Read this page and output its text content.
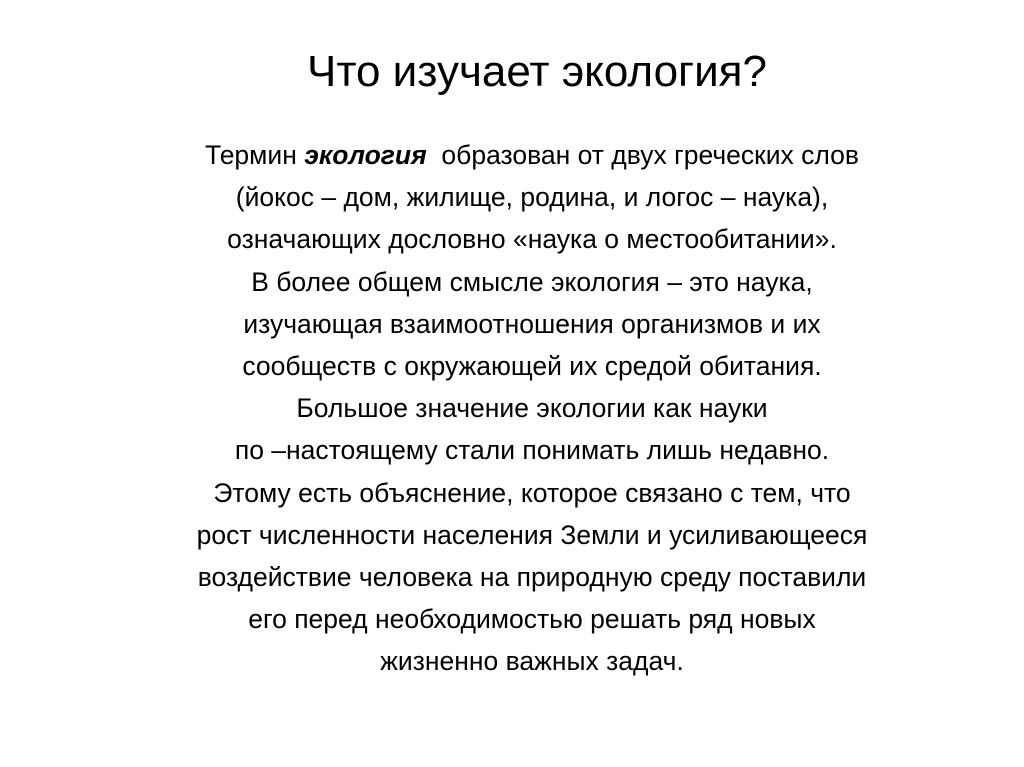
Что изучает экология?
Термин экология  образован от двух греческих слов
(йокос – дом, жилище, родина, и логос – наука),
означающих дословно «наука о местообитании».
В более общем смысле экология – это наука,
изучающая взаимоотношения организмов и их
сообществ с окружающей их средой обитания.
Большое значение экологии как науки
по –настоящему стали понимать лишь недавно.
Этому есть объяснение, которое связано с тем, что
рост численности населения Земли и усиливающееся
воздействие человека на природную среду поставили
его перед необходимостью решать ряд новых
жизненно важных задач.
